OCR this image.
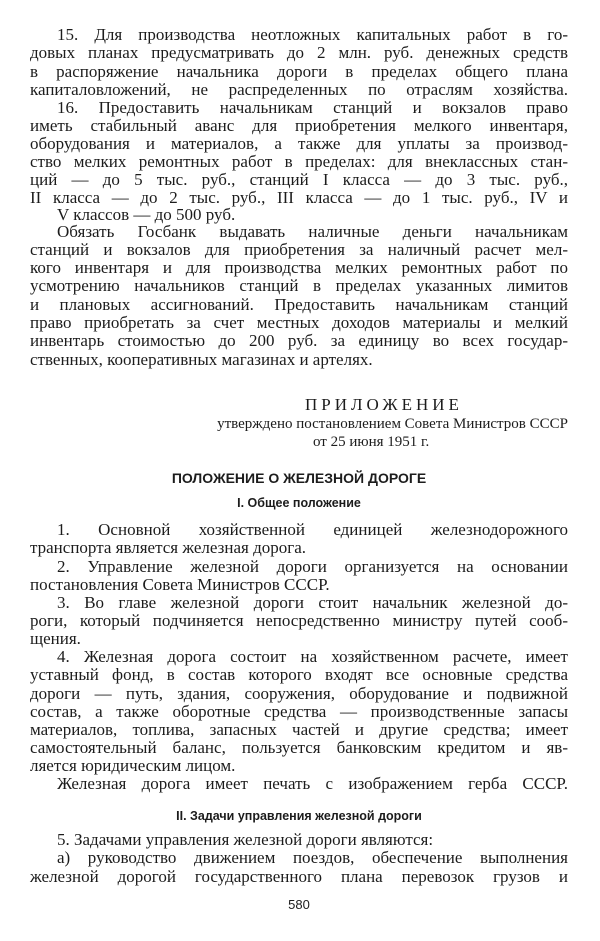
15. Для производства неотложных капитальных работ в го-
довых планах предусматривать до 2 млн. руб. денежных средств
в распоряжение начальника дороги в пределах общего плана
капиталовложений, не распределенных по отраслям хозяйства.
16. Предоставить начальникам станций и вокзалов право
иметь стабильный аванс для приобретения мелкого инвентаря,
оборудования и материалов, а также для уплаты за производ-
ство мелких ремонтных работ в пределах: для внеклассных стан-
ций — до 5 тыс. руб., станций I класса — до 3 тыс. руб.,
II класса — до 2 тыс. руб., III класса — до 1 тыс. руб., IV и
V классов — до 500 руб.
Обязать Госбанк выдавать наличные деньги начальникам
станций и вокзалов для приобретения за наличный расчет мел-
кого инвентаря и для производства мелких ремонтных работ по
усмотрению начальников станций в пределах указанных лимитов
и плановых ассигнований. Предоставить начальникам станций
право приобретать за счет местных доходов материалы и мелкий
инвентарь стоимостью до 200 руб. за единицу во всех государ-
ственных, кооперативных магазинах и артелях.
ПРИЛОЖЕНИЕ
утверждено постановлением Совета Министров СССР
от 25 июня 1951 г.
ПОЛОЖЕНИЕ О ЖЕЛЕЗНОЙ ДОРОГЕ
I. Общее положение
1. Основной хозяйственной единицей железнодорожного
транспорта является железная дорога.
2. Управление железной дороги организуется на основании
постановления Совета Министров СССР.
3. Во главе железной дороги стоит начальник железной до-
роги, который подчиняется непосредственно министру путей сооб-
щения.
4. Железная дорога состоит на хозяйственном расчете, имеет
уставный фонд, в состав которого входят все основные средства
дороги — путь, здания, сооружения, оборудование и подвижной
состав, а также оборотные средства — производственные запасы
материалов, топлива, запасных частей и другие средства; имеет
самостоятельный баланс, пользуется банковским кредитом и яв-
ляется юридическим лицом.
Железная дорога имеет печать с изображением герба СССР.
II. Задачи управления железной дороги
5. Задачами управления железной дороги являются:
а) руководство движением поездов, обеспечение выполнения
железной дорогой государственного плана перевозок грузов и
580
